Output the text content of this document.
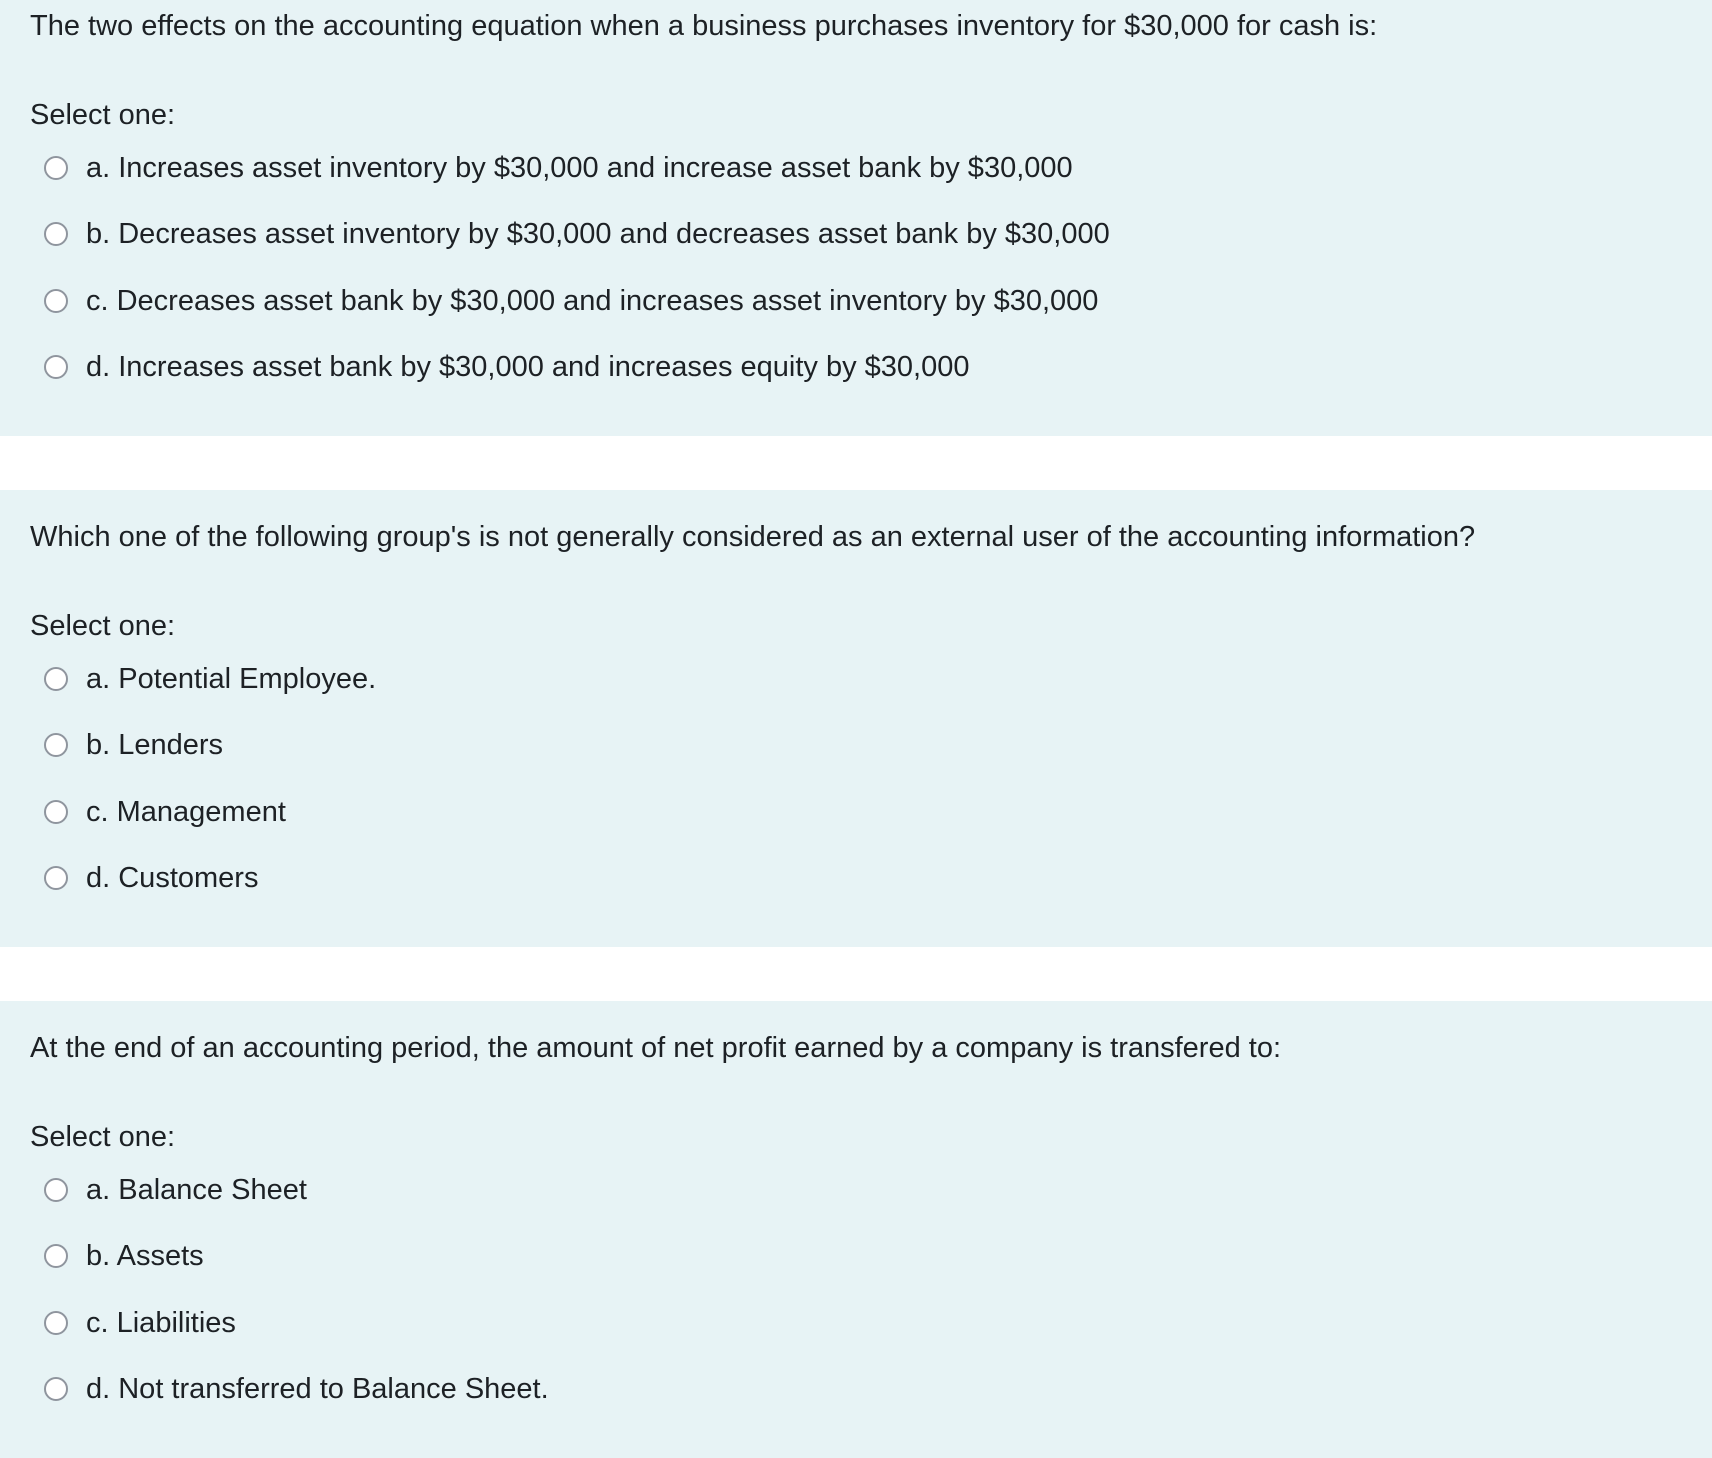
The two effects on the accounting equation when a business purchases inventory for $30,000 for cash is:
Select one:
a. Increases asset inventory by $30,000 and increase asset bank by $30,000
b. Decreases asset inventory by $30,000 and decreases asset bank by $30,000
c. Decreases asset bank by $30,000 and increases asset inventory by $30,000
d. Increases asset bank by $30,000 and increases equity by $30,000
Which one of the following group's is not generally considered as an external user of the accounting information?
Select one:
a. Potential Employee.
b. Lenders
c. Management
d. Customers
At the end of an accounting period, the amount of net profit earned by a company is transfered to:
Select one:
a. Balance Sheet
b. Assets
c. Liabilities
d. Not transferred to Balance Sheet.
